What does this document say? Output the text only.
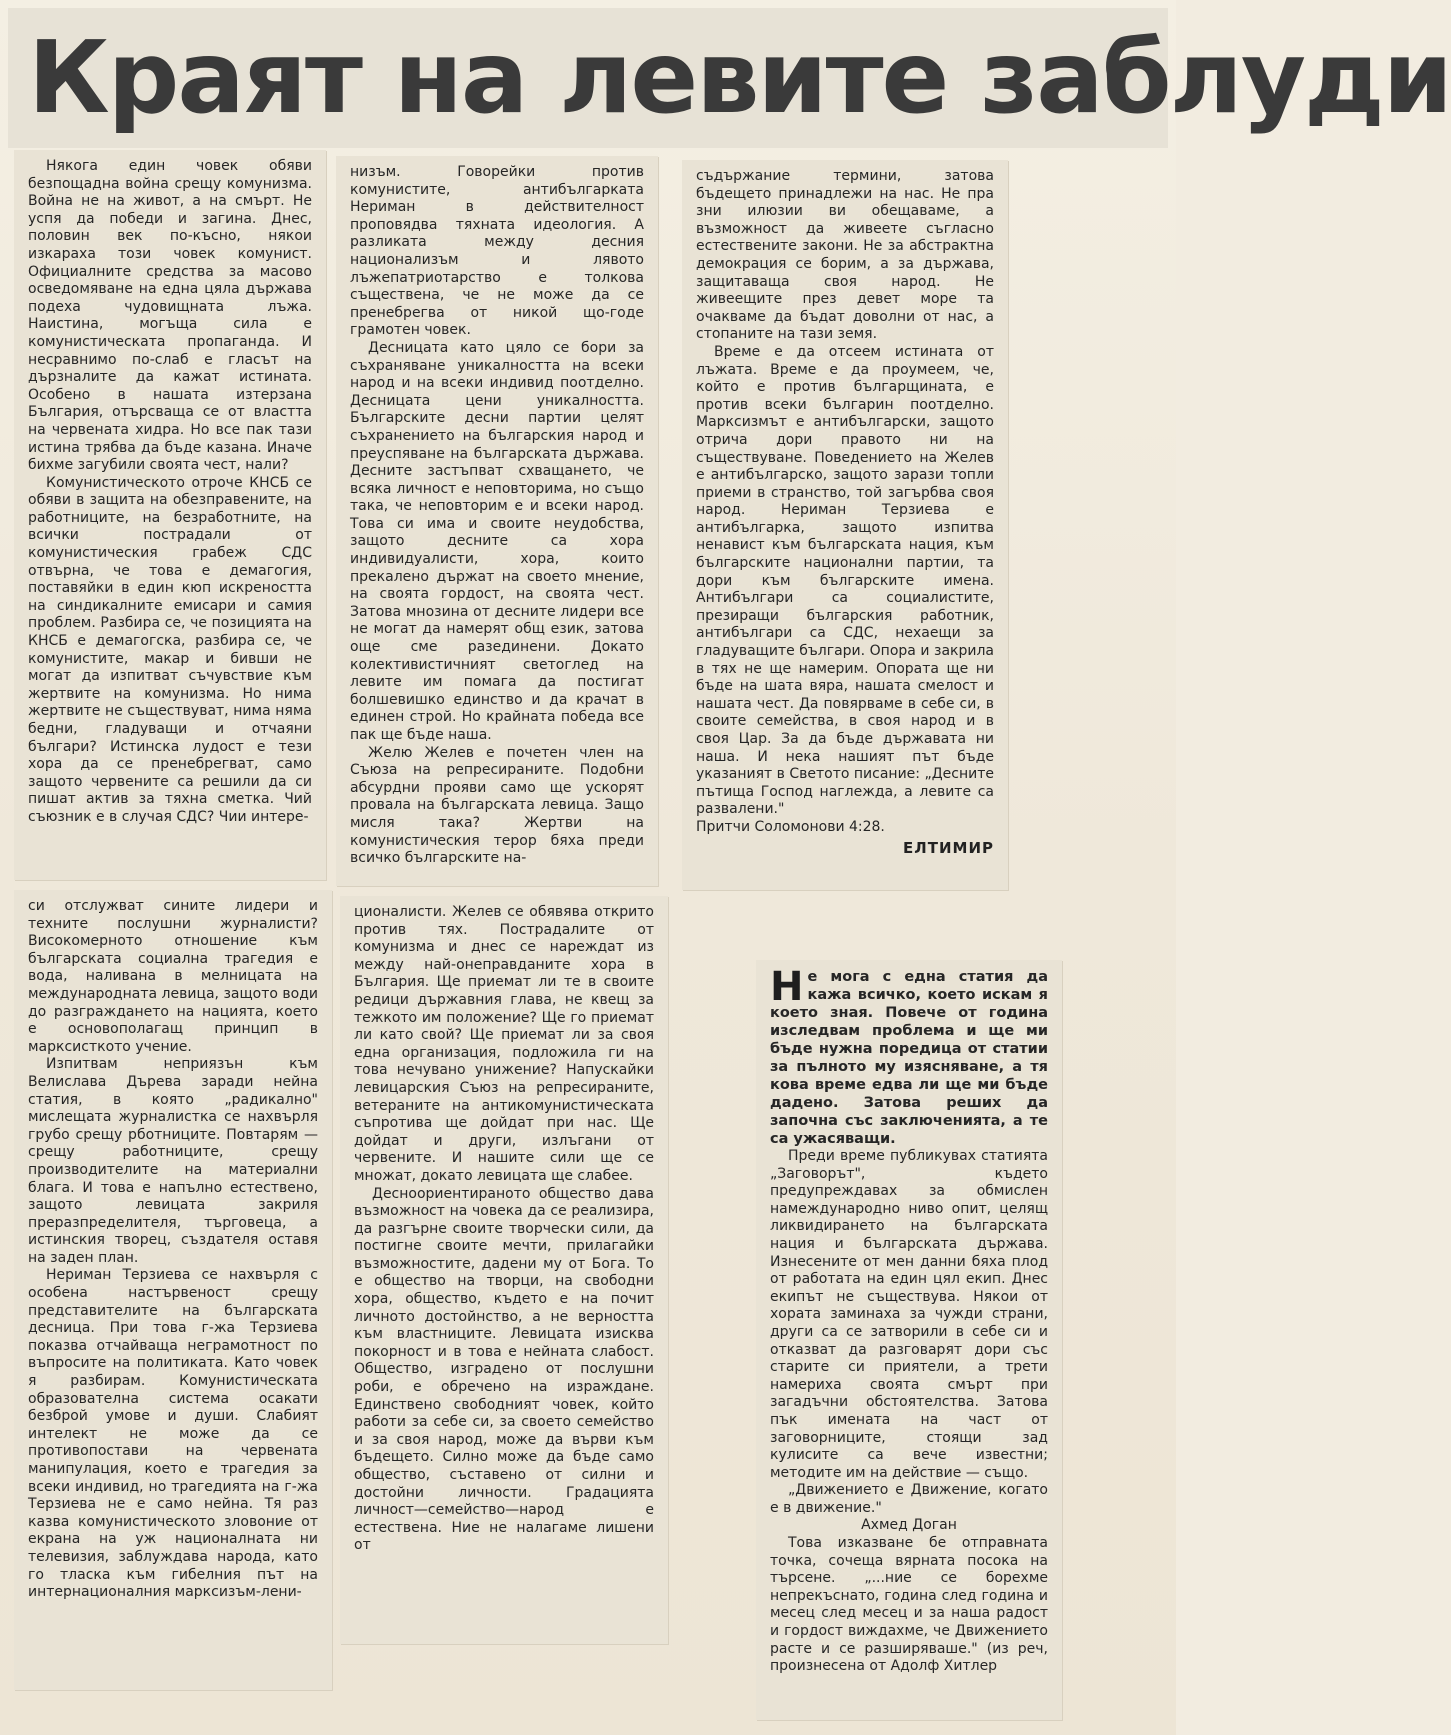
Краят на левите заблуди

Някога един човек обяви безпощадна война срещу комунизма. Война не на живот, а на смърт. Не успя да победи и загина. Днес, половин век по-късно, някои изкараха този човек комунист. Официалните средства за масово осведомяване на една цяла държава подеха чудовищната лъжа. Наистина, могъща сила е комунистическата пропаганда. И несравнимо по-слаб е гласът на дързналите да кажат истината. Особено в нашата изтерзана България, отърсваща се от властта на червената хидра. Но все пак тази истина трябва да бъде казана. Иначе бихме загубили своята чест, нали?

Комунистическото отроче КНСБ се обяви в защита на обезправените, на работниците, на безработните, на всички пострадали от комунистическия грабеж СДС отвърна, че това е демагогия, поставяйки в един кюп искреността на синдикалните емисари и самия проблем. Разбира се, че позицията на КНСБ е демагогска, разбира се, че комунистите, макар и бивши не могат да изпитват съчувствие към жертвите на комунизма. Но нима жертвите не съществуват, нима няма бедни, гладуващи и отчаяни българи? Истинска лудост е тези хора да се пренебрегват, само защото червените са решили да си пишат актив за тяхна сметка. Чий съюзник е в случая СДС? Чии интере-

си отслужват сините лидери и техните послушни журналисти? Високомерното отношение към българската социална трагедия е вода, наливана в мелницата на международната левица, защото води до разграждането на нацията, което е основополагащ принцип в марксисткото учение.

Изпитвам неприязън към Велиславa Дърева заради нейна статия, в която „радикално" мислещата журналистка се нахвърля грубо срещу рботниците. Повтарям — срещу работниците, срещу производителите на материални блага. И това е напълно естествено, защото левицата закриля преразпределителя, търговеца, а истинския творец, създателя оставя на заден план.

Нериман Терзиева се нахвърля с особена настървеност срещу представителите на българската десница. При това г-жа Терзиева показва отчайваща неграмотност по въпросите на политиката. Като човек я разбирам. Комунистическата образователна система осакати безброй умове и души. Слабият интелект не може да се противопостави на червената манипулация, което е трагедия за всеки индивид, но трагедията на г-жа Терзиева не е само нейна. Тя раз казва комунистическото зловоние от екрана на уж националната ни телевизия, заблуждава народа, като го тласка към гибелния път на интернационалния марксизъм-лени-

низъм. Говорейки против комунистите, антибългарката Нериман в действителност проповядва тяхната идеология. А разликата между десния национализъм и лявото лъжепатриотарство е толкова съществена, че не може да се пренебрегва от никой що-годе грамотен човек.

Десницата като цяло се бори за съхраняване уникалността на всеки народ и на всеки индивид поотделно. Десницата цени уникалността. Българските десни партии целят съхранението на българския народ и преуспяване на българската държава. Десните застъпват схващането, че всяка личност е неповторима, но също така, че неповторим е и всеки народ. Това си има и своите неудобства, защото десните са хора индивидуалисти, хора, които прекалено държат на своето мнение, на своята гордост, на своята чест. Затова мнозина от десните лидери все не могат да намерят общ език, затова още сме разединени. Докато колективистичният светоглед на левите им помага да постигат болшевишко единство и да крачат в единен строй. Но крайната победа все пак ще бъде наша.

Желю Желев е почетен член на Съюза на репресираните. Подобни абсурдни прояви само ще ускорят провала на българската левица. Защо мисля така? Жертви на комунистическия терор бяха преди всичко българските на-

ционалисти. Желев се обявява открито против тях. Пострадалите от комунизма и днес се нареждат из между най-онеправданите хора в България. Ще приемат ли те в своите редици държавния глава, не квещ за тежкото им положение? Ще го приемат ли като свой? Ще приемат ли за своя една организация, подложила ги на това нечувано унижение? Напускайки левицарския Съюз на репресираните, ветераните на антикомунистическата съпротива ще дойдат при нас. Ще дойдат и други, излъгани от червените. И нашите сили ще се множат, докато левицата ще слабее.

Деснoориентираното общество дава възможност на човека да се реализира, да разгърне своите творчески сили, да постигне своите мечти, прилагайки възможностите, дадени му от Бога. То е общество на творци, на свободни хора, общество, където е на почит личното достойнство, а не верността към властниците. Левицата изисква покорност и в това е нейната слабост. Общество, изградено от послушни роби, е обречено на израждане. Единствено свободният човек, който работи за себе си, за своето семейство и за своя народ, може да върви към бъдещето. Силно може да бъде само общество, съставено от силни и достойни личности. Градацията личност—семейство—народ е естествена. Ние не налагаме лишени от

съдържание термини, затова бъдещето принадлежи на нас. Не пра зни илюзии ви обещаваме, а възможност да живеете съгласно естествените закони. Не за абстрактна демокрация се борим, а за държава, защитаваща своя народ. Не живеещите през девет море та очакваме да бъдат доволни от нас, а стопаните на тази земя.

Време е да отсеем истината от лъжата. Време е да проумеем, че, който е против българщината, е против всеки българин поотделно. Марксизмът е антибългарски, защото отрича дори правото ни на съществуване. Поведението на Желев е антибългарско, защото зарази топли приеми в странство, той загърбва своя народ. Нериман Терзиева е антибългарка, защото изпитва ненавист към българската нация, към българските национални партии, та дори към българските имена. Антибългари са социалистите, презиращи българския работник, антибългари са СДС, нехаещи за гладуващите българи. Опора и закрила в тях не ще намерим. Опората ще ни бъде на шата вяра, нашата смелост и нашата чест. Да повярваме в себе си, в своите семейства, в своя народ и в своя Цар. За да бъде държавата ни наша. И нека нашият път бъде указаният в Светото писание: „Десните пътища Господ наглежда, а левите са развалени."

Притчи Соломонови 4:28.

ЕЛТИМИР
Н е мога с една статия да кажа всичко, което искам я което зная. Повече от година изследвам проблема и ще ми бъде нужна поредица от статии за пълното му изясняване, а тя кова време едва ли ще ми бъде дадено. Затова реших да започна със заключенията, а те са ужасяващи.

Преди време публикувах статията „Заговорът", където предупреждавах за обмислен намеждународно ниво опит, целящ ликвидирането на българската нация и българската държава. Изнесените от мен данни бяха плод от работата на един цял екип. Днес екипът не съществува. Някои от хората заминаха за чужди страни, други са се затворили в себе си и отказват да разговарят дори със старите си приятели, а трети намериха своята смърт при загадъчни обстоятелства. Затова пък имената на част от заговорниците, стоящи зад кулисите са вече известни; методите им на действие — също.

„Движението е Движение, когато е в движение."

Ахмед Доган

Това изказване бе отправната точка, сочеща вярната посока на търсене. „...ние се борехме непрекъснато, година след година и месец след месец и за наша радост и гордост виждахме, че Движението расте и се разширяваше." (из реч, произнесена от Адолф Хитлер
